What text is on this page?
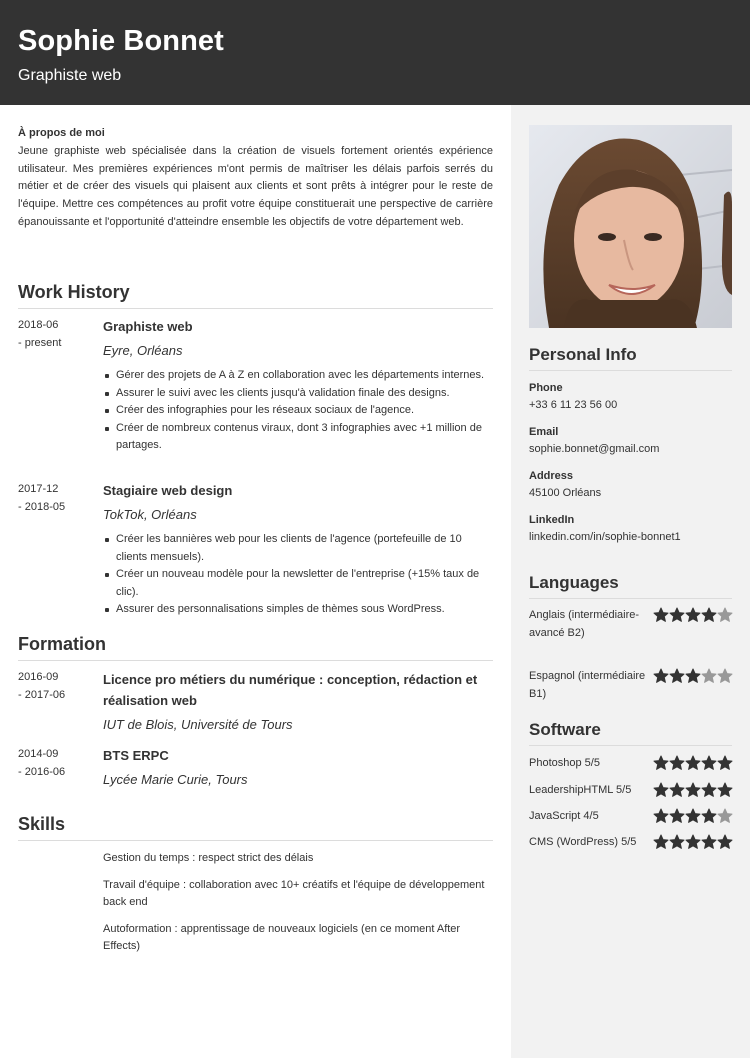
Sophie Bonnet
Graphiste web
À propos de moi
Jeune graphiste web spécialisée dans la création de visuels fortement orientés expérience utilisateur. Mes premières expériences m'ont permis de maîtriser les délais parfois serrés du métier et de créer des visuels qui plaisent aux clients et sont prêts à intégrer pour le reste de l'équipe. Mettre ces compétences au profit votre équipe constituerait une perspective de carrière épanouissante et l'opportunité d'atteindre ensemble les objectifs de votre département web.
Work History
2018-06
- present
Graphiste web
Eyre, Orléans
Gérer des projets de A à Z en collaboration avec les départements internes.
Assurer le suivi avec les clients jusqu'à validation finale des designs.
Créer des infographies pour les réseaux sociaux de l'agence.
Créer de nombreux contenus viraux, dont 3 infographies avec +1 million de partages.
2017-12
- 2018-05
Stagiaire web design
TokTok, Orléans
Créer les bannières web pour les clients de l'agence (portefeuille de 10 clients mensuels).
Créer un nouveau modèle pour la newsletter de l'entreprise (+15% taux de clic).
Assurer des personnalisations simples de thèmes sous WordPress.
Formation
2016-09
- 2017-06
Licence pro métiers du numérique : conception, rédaction et réalisation web
IUT de Blois, Université de Tours
2014-09
- 2016-06
BTS ERPC
Lycée Marie Curie, Tours
Skills
Gestion du temps : respect strict des délais
Travail d'équipe : collaboration avec 10+ créatifs et l'équipe de développement back end
Autoformation : apprentissage de nouveaux logiciels (en ce moment After Effects)
Personal Info
Phone
+33 6 11 23 56 00
Email
sophie.bonnet@gmail.com
Address
45100 Orléans
LinkedIn
linkedin.com/in/sophie-bonnet1
Languages
Anglais (intermédiaire-avancé B2)
Espagnol (intermédiaire B1)
Software
Photoshop 5/5
LeadershipHTML 5/5
JavaScript 4/5
CMS (WordPress) 5/5
